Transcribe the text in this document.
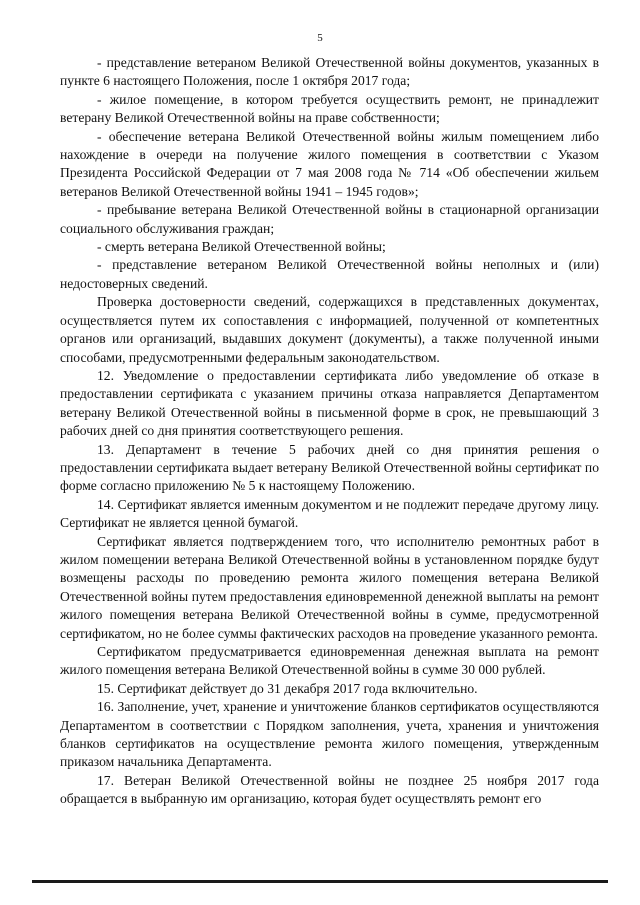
5

- представление ветераном Великой Отечественной войны документов, указанных в пункте 6 настоящего Положения, после 1 октября 2017 года;

- жилое помещение, в котором требуется осуществить ремонт, не принадлежит ветерану Великой Отечественной войны на праве собственности;

- обеспечение ветерана Великой Отечественной войны жилым помещением либо нахождение в очереди на получение жилого помещения в соответствии с Указом Президента Российской Федерации от 7 мая 2008 года № 714 «Об обеспечении жильем ветеранов Великой Отечественной войны 1941 – 1945 годов»;

- пребывание ветерана Великой Отечественной войны в стационарной организации социального обслуживания граждан;

- смерть ветерана Великой Отечественной войны;

- представление ветераном Великой Отечественной войны неполных и (или) недостоверных сведений.

Проверка достоверности сведений, содержащихся в представленных документах, осуществляется путем их сопоставления с информацией, полученной от компетентных органов или организаций, выдавших документ (документы), а также полученной иными способами, предусмотренными федеральным законодательством.

12. Уведомление о предоставлении сертификата либо уведомление об отказе в предоставлении сертификата с указанием причины отказа направляется Департаментом ветерану Великой Отечественной войны в письменной форме в срок, не превышающий 3 рабочих дней со дня принятия соответствующего решения.

13. Департамент в течение 5 рабочих дней со дня принятия решения о предоставлении сертификата выдает ветерану Великой Отечественной войны сертификат по форме согласно приложению № 5 к настоящему Положению.

14. Сертификат является именным документом и не подлежит передаче другому лицу. Сертификат не является ценной бумагой.

Сертификат является подтверждением того, что исполнителю ремонтных работ в жилом помещении ветерана Великой Отечественной войны в установленном порядке будут возмещены расходы по проведению ремонта жилого помещения ветерана Великой Отечественной войны путем предоставления единовременной денежной выплаты на ремонт жилого помещения ветерана Великой Отечественной войны в сумме, предусмотренной сертификатом, но не более суммы фактических расходов на проведение указанного ремонта.

Сертификатом предусматривается единовременная денежная выплата на ремонт жилого помещения ветерана Великой Отечественной войны в сумме 30 000 рублей.

15. Сертификат действует до 31 декабря 2017 года включительно.

16. Заполнение, учет, хранение и уничтожение бланков сертификатов осуществляются Департаментом в соответствии с Порядком заполнения, учета, хранения и уничтожения бланков сертификатов на осуществление ремонта жилого помещения, утвержденным приказом начальника Департамента.

17. Ветеран Великой Отечественной войны не позднее 25 ноября 2017 года обращается в выбранную им организацию, которая будет осуществлять ремонт его
